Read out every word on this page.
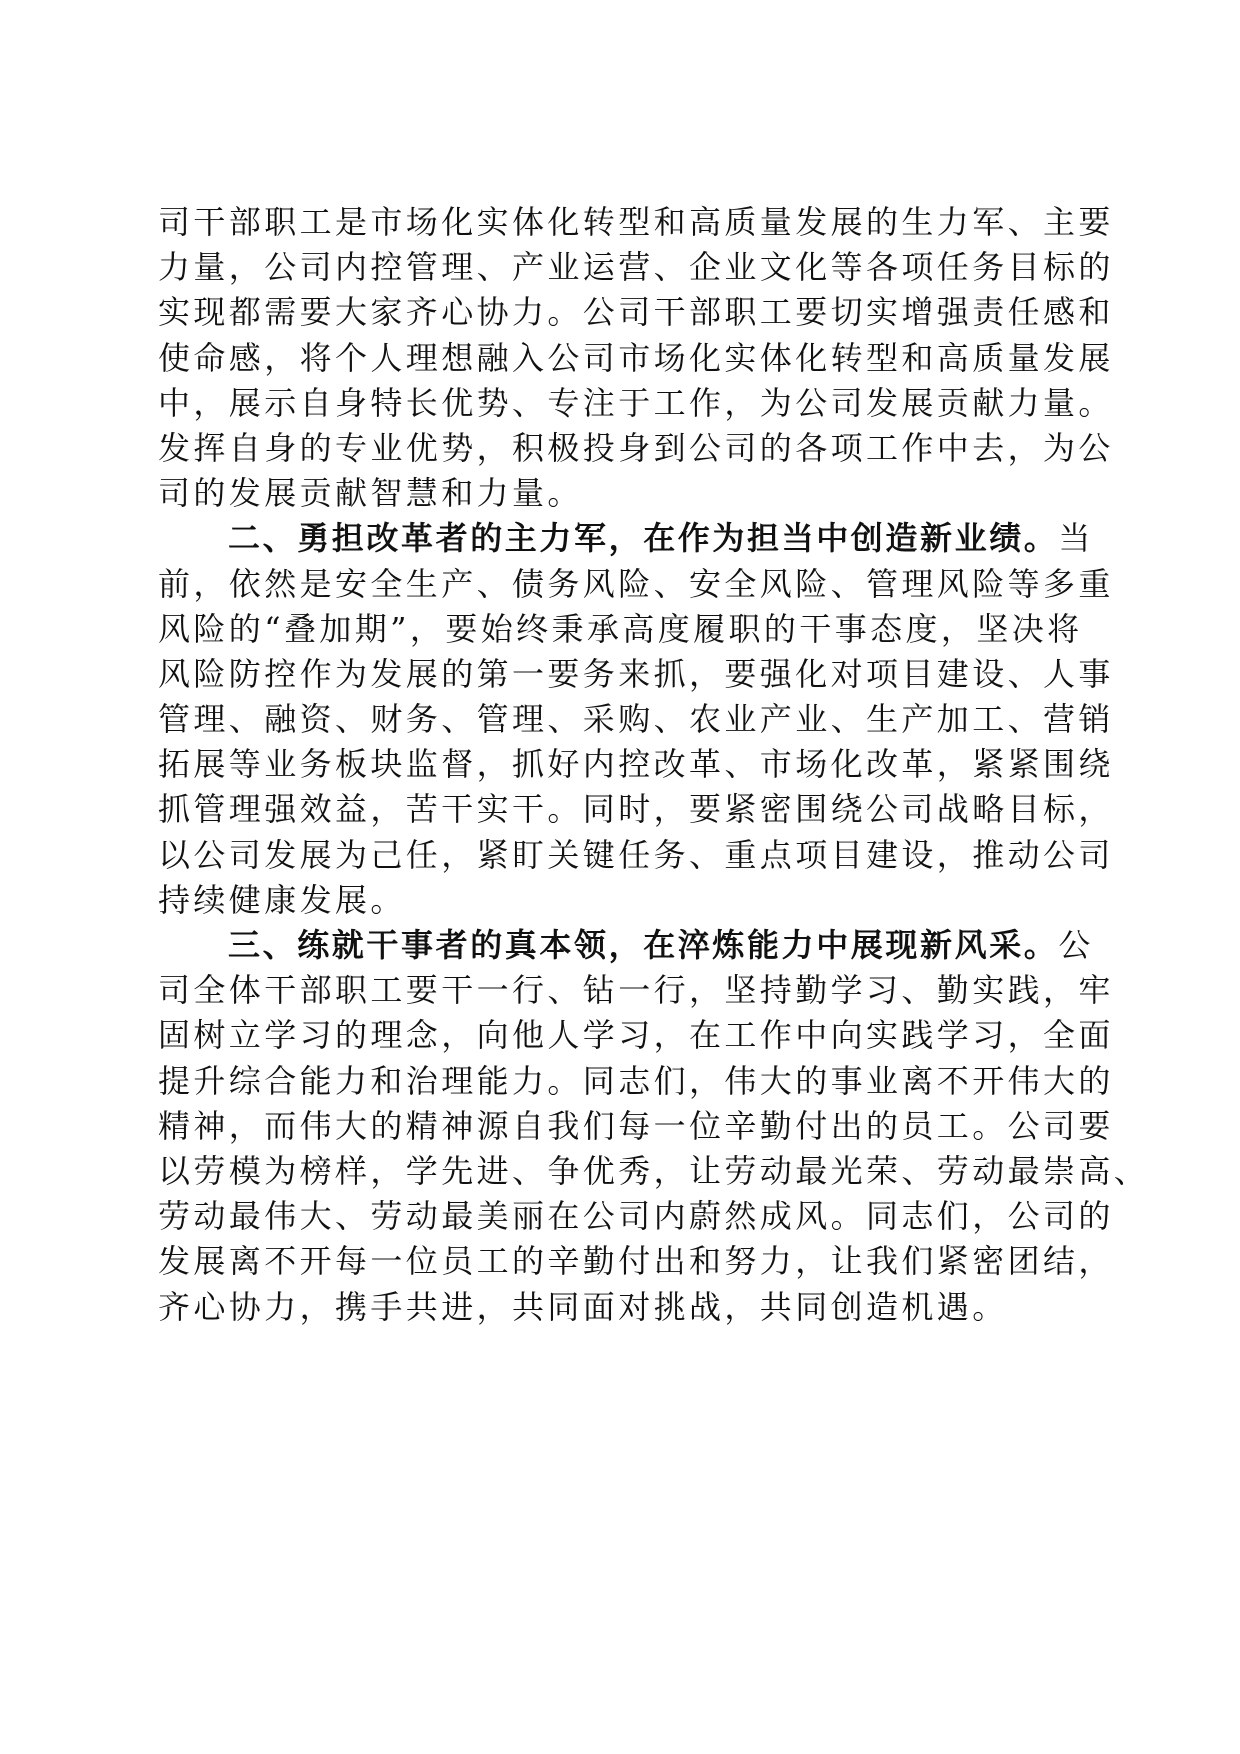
司干部职工是市场化实体化转型和高质量发展的生力军、主要
力量，公司内控管理、产业运营、企业文化等各项任务目标的
实现都需要大家齐心协力。公司干部职工要切实增强责任感和
使命感，将个人理想融入公司市场化实体化转型和高质量发展
中，展示自身特长优势、专注于工作，为公司发展贡献力量。
发挥自身的专业优势，积极投身到公司的各项工作中去，为公
司的发展贡献智慧和力量。
二、勇担改革者的主力军，在作为担当中创造新业绩。当
前，依然是安全生产、债务风险、安全风险、管理风险等多重
风险的“叠加期”，要始终秉承高度履职的干事态度，坚决将
风险防控作为发展的第一要务来抓，要强化对项目建设、人事
管理、融资、财务、管理、采购、农业产业、生产加工、营销
拓展等业务板块监督，抓好内控改革、市场化改革，紧紧围绕
抓管理强效益，苦干实干。同时，要紧密围绕公司战略目标，
以公司发展为己任，紧盯关键任务、重点项目建设，推动公司
持续健康发展。
三、练就干事者的真本领，在淬炼能力中展现新风采。公
司全体干部职工要干一行、钻一行，坚持勤学习、勤实践，牢
固树立学习的理念，向他人学习，在工作中向实践学习，全面
提升综合能力和治理能力。同志们，伟大的事业离不开伟大的
精神，而伟大的精神源自我们每一位辛勤付出的员工。公司要
以劳模为榜样，学先进、争优秀，让劳动最光荣、劳动最崇高、
劳动最伟大、劳动最美丽在公司内蔚然成风。同志们，公司的
发展离不开每一位员工的辛勤付出和努力，让我们紧密团结，
齐心协力，携手共进，共同面对挑战，共同创造机遇。
